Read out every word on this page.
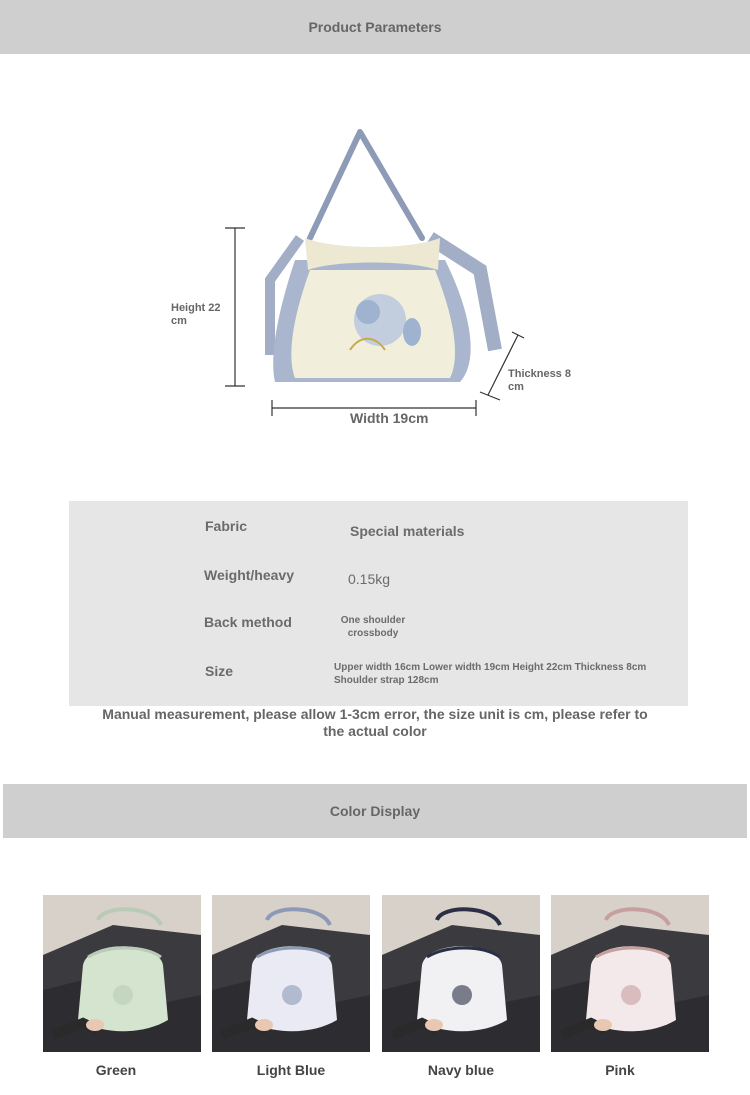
Product Parameters
Height 22 cm
Thickness 8 cm
Width 19cm
Fabric	Special materials
Weight/heavy	0.15kg
Back method	One shoulder crossbody
Size	Upper width 16cm Lower width 19cm Height 22cm Thickness 8cm Shoulder strap 128cm
Manual measurement, please allow 1-3cm error, the size unit is cm, please refer to the actual color
Color Display
Green	Light Blue	Navy blue	Pink
